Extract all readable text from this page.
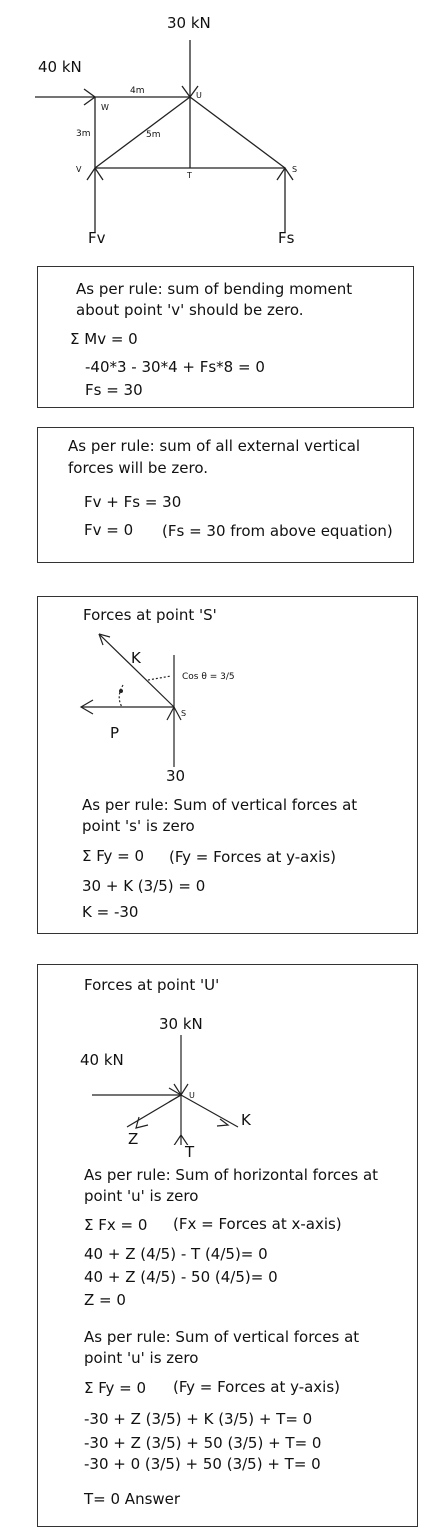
30 kN
40 kN
U
W
V
T
S
4m
3m	5m
Fv	Fs
As per rule: sum of bending moment
about point 'v' should be zero.
Σ Mv = 0
-40*3 - 30*4 + Fs*8 = 0
Fs = 30
As per rule: sum of all external vertical
forces will be zero.
Fv + Fs = 30
Fv = 0 (Fs = 30 from above equation)
Forces at point 'S'
K
P
S
30
Cos θ = 3/5
As per rule: Sum of vertical forces at
point 's' is zero
Σ Fy = 0 (Fy = Forces at y-axis)
30 + K (3/5) = 0
K = -30
Forces at point 'U'
30 kN
40 kN
U
K
Z
T
As per rule: Sum of horizontal forces at
point 'u' is zero
Σ Fx = 0 (Fx = Forces at x-axis)
40 + Z (4/5) - T (4/5)= 0
40 + Z (4/5) - 50 (4/5)= 0
Z = 0
As per rule: Sum of vertical forces at
point 'u' is zero
Σ Fy = 0 (Fy = Forces at y-axis)
-30 + Z (3/5) + K (3/5) + T= 0
-30 + Z (3/5) + 50 (3/5) + T= 0
-30 + 0 (3/5) + 50 (3/5) + T= 0
T= 0 Answer
